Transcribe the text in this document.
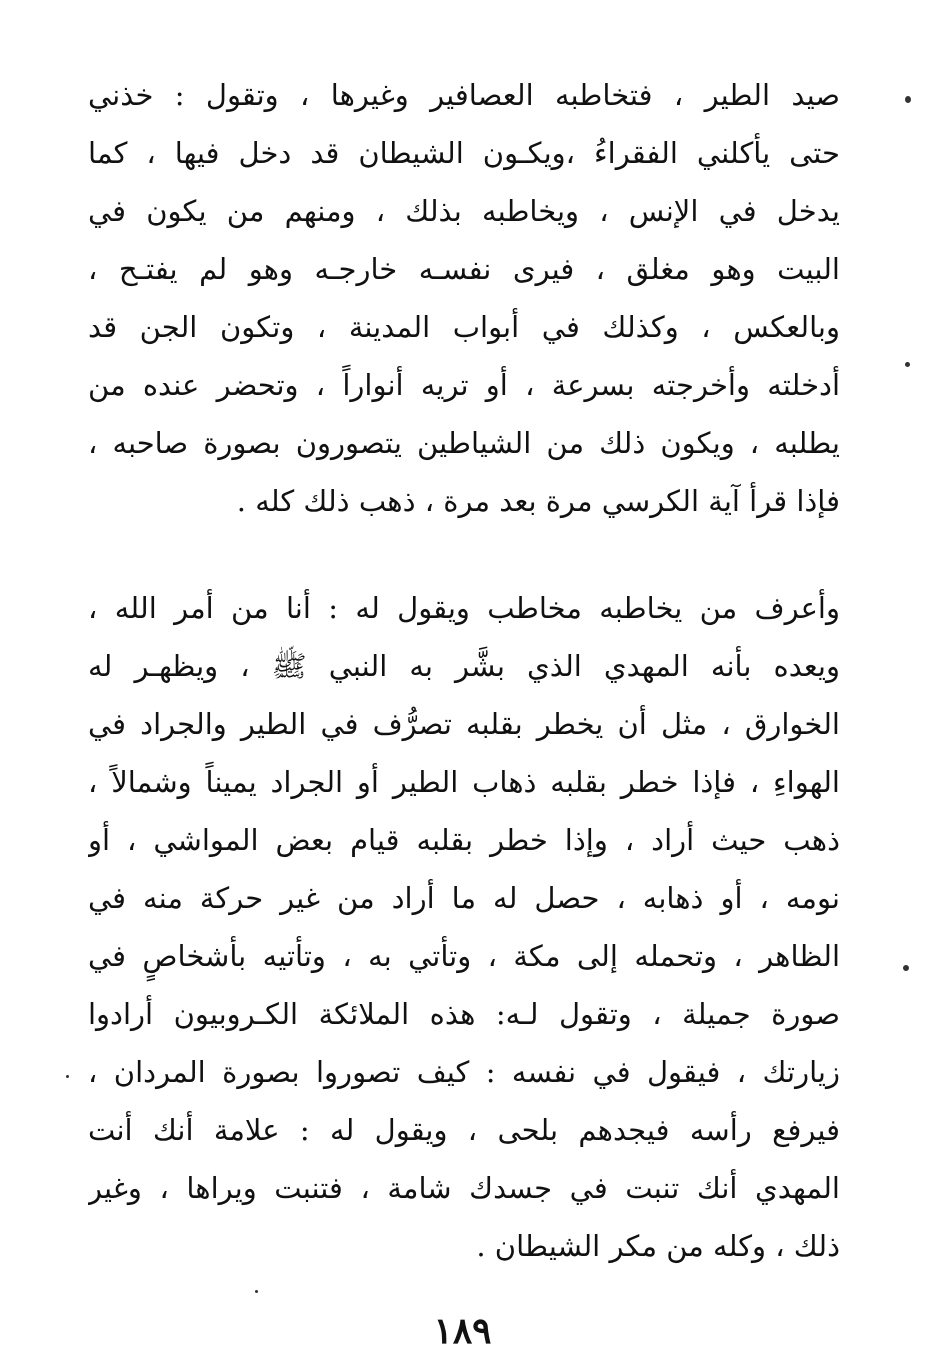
صيد الطير ، فتخاطبه العصافير وغيرها ، وتقول : خذني
حتى يأكلني الفقراءُ ،ويكـون الشيطان قد دخل فيها ، كما
يدخل في الإنس ، ويخاطبه بذلك ، ومنهم من يكون في
البيت وهو مغلق ، فيرى نفسـه خارجـه وهو لم يفتـح ،
وبالعكس ، وكذلك في أبواب المدينة ، وتكون الجن قد
أدخلته وأخرجته بسرعة ، أو تريه أنواراً ، وتحضر عنده من
يطلبه ، ويكون ذلك من الشياطين يتصورون بصورة صاحبه ،
فإذا قرأ آية الكرسي مرة بعد مرة ، ذهب ذلك كله .
وأعرف من يخاطبه مخاطب ويقول له : أنا من أمر الله ،
ويعده بأنه المهدي الذي بشَّر به النبي ﷺ ، ويظهـر له
الخوارق ، مثل أن يخطر بقلبه تصرُّف في الطير والجراد في
الهواءِ ، فإذا خطر بقلبه ذهاب الطير أو الجراد يميناً وشمالاً ،
ذهب حيث أراد ، وإذا خطر بقلبه قيام بعض المواشي ، أو
نومه ، أو ذهابه ، حصل له ما أراد من غير حركة منه في
الظاهر ، وتحمله إلى مكة ، وتأتي به ، وتأتيه بأشخاصٍ في
صورة جميلة ، وتقول لـه: هذه الملائكة الكـروبيون أرادوا
زيارتك ، فيقول في نفسه : كيف تصوروا بصورة المردان ،
فيرفع رأسه فيجدهم بلحى ، ويقول له : علامة أنك أنت
المهدي أنك تنبت في جسدك شامة ، فتنبت ويراها ، وغير
ذلك ، وكله من مكر الشيطان .
١٨٩
